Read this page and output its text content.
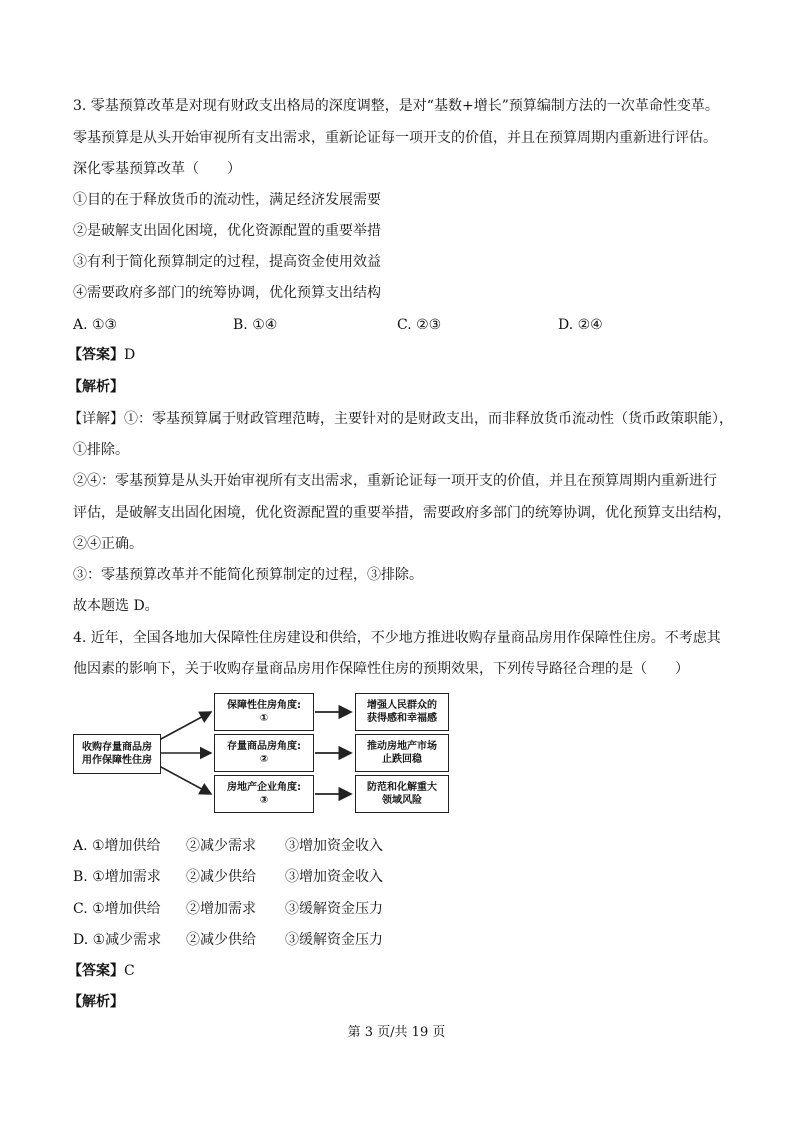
3. 零基预算改革是对现有财政支出格局的深度调整，是对“基数+增长”预算编制方法的一次革命性变革。
零基预算是从头开始审视所有支出需求，重新论证每一项开支的价值，并且在预算周期内重新进行评估。
深化零基预算改革（　　）
①目的在于释放货币的流动性，满足经济发展需要
②是破解支出固化困境，优化资源配置的重要举措
③有利于简化预算制定的过程，提高资金使用效益
④需要政府多部门的统筹协调，优化预算支出结构
A. ①③	B. ①④	C. ②③	D. ②④
【答案】D
【解析】
【详解】①：零基预算属于财政管理范畴，主要针对的是财政支出，而非释放货币流动性（货币政策职能），
①排除。
②④：零基预算是从头开始审视所有支出需求，重新论证每一项开支的价值，并且在预算周期内重新进行
评估，是破解支出固化困境，优化资源配置的重要举措，需要政府多部门的统筹协调，优化预算支出结构，
②④正确。
③：零基预算改革并不能简化预算制定的过程，③排除。
故本题选 D。
4. 近年，全国各地加大保障性住房建设和供给，不少地方推进收购存量商品房用作保障性住房。不考虑其
他因素的影响下，关于收购存量商品房用作保障性住房的预期效果，下列传导路径合理的是（　　）
收购存量商品房
用作保障性住房
保障性住房角度:
①
存量商品房角度:
②
房地产企业角度:
③
增强人民群众的
获得感和幸福感
推动房地产市场
止跌回稳
防范和化解重大
领域风险
A. ①增加供给 ②减少需求 ③增加资金收入
B. ①增加需求 ②减少供给 ③增加资金收入
C. ①增加供给 ②增加需求 ③缓解资金压力
D. ①减少需求 ②减少供给 ③缓解资金压力
【答案】C
【解析】
第 3 页/共 19 页
